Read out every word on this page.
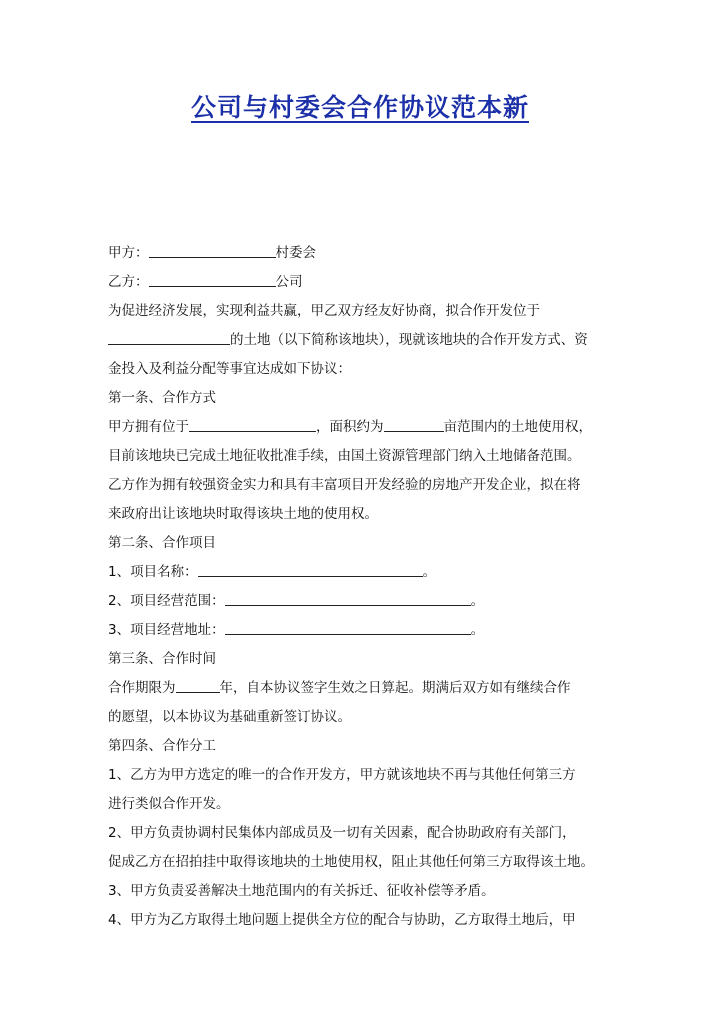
公司与村委会合作协议范本新
甲方：	村委会
乙方：	公司
为促进经济发展，实现利益共赢，甲乙双方经友好协商，拟合作开发位于
的土地（以下简称该地块），现就该地块的合作开发方式、资
金投入及利益分配等事宜达成如下协议：
第一条、合作方式
甲方拥有位于	，面积约为	亩范围内的土地使用权，
目前该地块已完成土地征收批准手续，由国土资源管理部门纳入土地储备范围。
乙方作为拥有较强资金实力和具有丰富项目开发经验的房地产开发企业，拟在将
来政府出让该地块时取得该块土地的使用权。
第二条、合作项目
1、项目名称：	。
2、项目经营范围：	。
3、项目经营地址：	。
第三条、合作时间
合作期限为	年，自本协议签字生效之日算起。期满后双方如有继续合作
的愿望，以本协议为基础重新签订协议。
第四条、合作分工
1、乙方为甲方选定的唯一的合作开发方，甲方就该地块不再与其他任何第三方
进行类似合作开发。
2、甲方负责协调村民集体内部成员及一切有关因素，配合协助政府有关部门，
促成乙方在招拍挂中取得该地块的土地使用权，阻止其他任何第三方取得该土地。
3、甲方负责妥善解决土地范围内的有关拆迁、征收补偿等矛盾。
4、甲方为乙方取得土地问题上提供全方位的配合与协助，乙方取得土地后，甲
